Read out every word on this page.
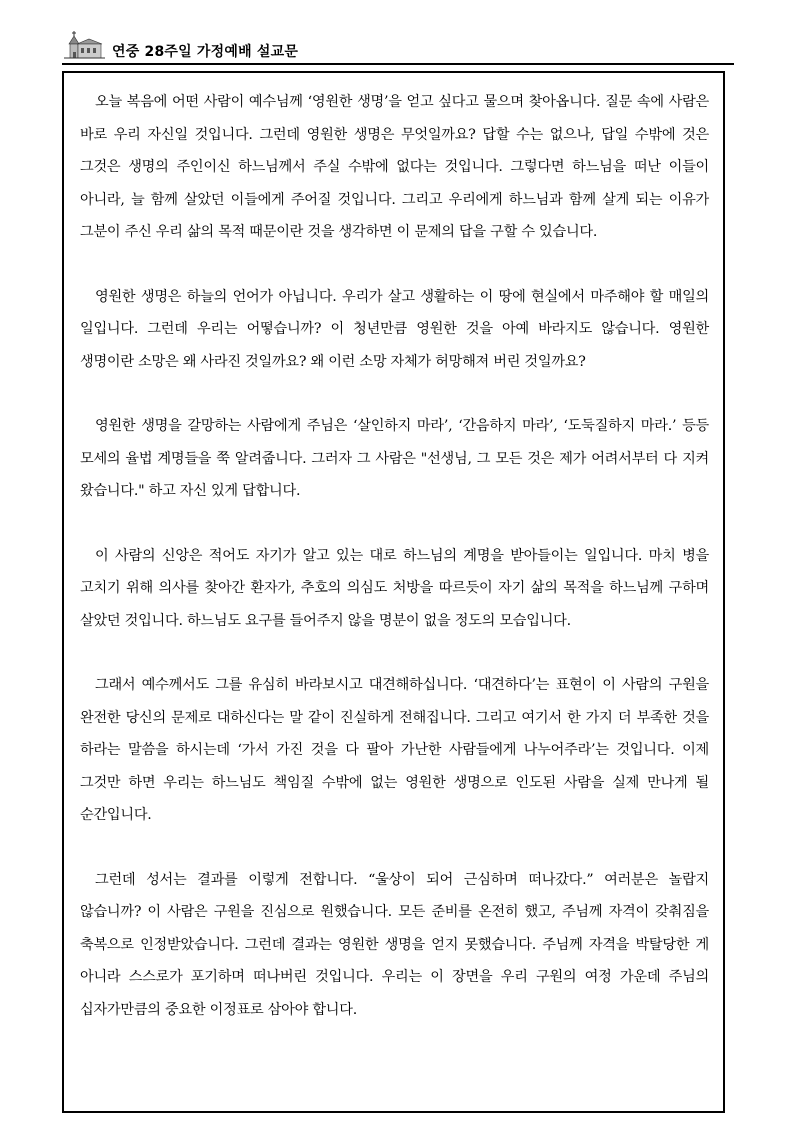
연중 28주일 가정예배 설교문

오늘 복음에 어떤 사람이 예수님께 ‘영원한 생명’을 얻고 싶다고 물으며 찾아옵니다. 질문 속에 사람은 바로 우리 자신일 것입니다. 그런데 영원한 생명은 무엇일까요? 답할 수는 없으나, 답일 수밖에 것은 그것은 생명의 주인이신 하느님께서 주실 수밖에 없다는 것입니다. 그렇다면 하느님을 떠난 이들이 아니라, 늘 함께 살았던 이들에게 주어질 것입니다. 그리고 우리에게 하느님과 함께 살게 되는 이유가 그분이 주신 우리 삶의 목적 때문이란 것을 생각하면 이 문제의 답을 구할 수 있습니다.

영원한 생명은 하늘의 언어가 아닙니다. 우리가 살고 생활하는 이 땅에 현실에서 마주해야 할 매일의 일입니다. 그런데 우리는 어떻습니까? 이 청년만큼 영원한 것을 아예 바라지도 않습니다. 영원한 생명이란 소망은 왜 사라진 것일까요? 왜 이런 소망 자체가 허망해져 버린 것일까요?

영원한 생명을 갈망하는 사람에게 주님은 ‘살인하지 마라’, ‘간음하지 마라’, ‘도둑질하지 마라.’ 등등 모세의 율법 계명들을 쭉 알려줍니다. 그러자 그 사람은 "선생님, 그 모든 것은 제가 어려서부터 다 지켜 왔습니다." 하고 자신 있게 답합니다.

이 사람의 신앙은 적어도 자기가 알고 있는 대로 하느님의 계명을 받아들이는 일입니다. 마치 병을 고치기 위해 의사를 찾아간 환자가, 추호의 의심도 처방을 따르듯이 자기 삶의 목적을 하느님께 구하며 살았던 것입니다. 하느님도 요구를 들어주지 않을 명분이 없을 정도의 모습입니다.

그래서 예수께서도 그를 유심히 바라보시고 대견해하십니다. ‘대견하다’는 표현이 이 사람의 구원을 완전한 당신의 문제로 대하신다는 말 같이 진실하게 전해집니다. 그리고 여기서 한 가지 더 부족한 것을 하라는 말씀을 하시는데 ‘가서 가진 것을 다 팔아 가난한 사람들에게 나누어주라’는 것입니다. 이제 그것만 하면 우리는 하느님도 책임질 수밖에 없는 영원한 생명으로 인도된 사람을 실제 만나게 될 순간입니다.

그런데 성서는 결과를 이렇게 전합니다. “울상이 되어 근심하며 떠나갔다.” 여러분은 놀랍지 않습니까? 이 사람은 구원을 진심으로 원했습니다. 모든 준비를 온전히 했고, 주님께 자격이 갖춰짐을 축복으로 인정받았습니다. 그런데 결과는 영원한 생명을 얻지 못했습니다. 주님께 자격을 박탈당한 게 아니라 스스로가 포기하며 떠나버린 것입니다. 우리는 이 장면을 우리 구원의 여정 가운데 주님의 십자가만큼의 중요한 이정표로 삼아야 합니다.
